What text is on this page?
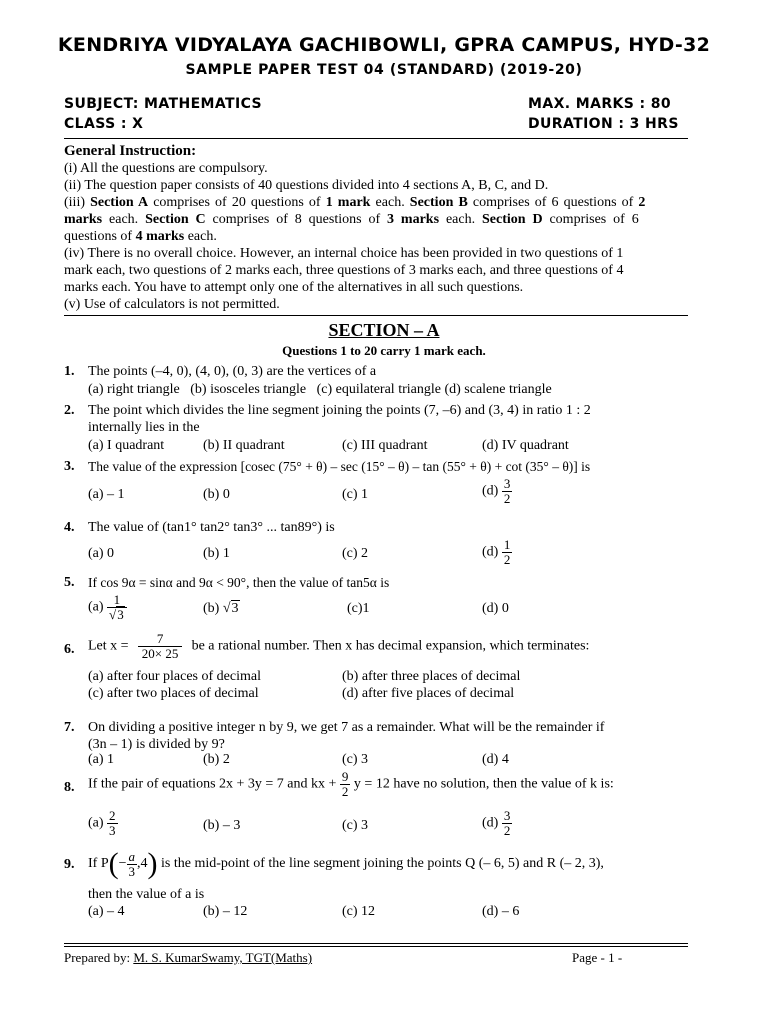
KENDRIYA VIDYALAYA GACHIBOWLI, GPRA CAMPUS, HYD-32
SAMPLE PAPER TEST 04 (STANDARD) (2019-20)
SUBJECT: MATHEMATICS	MAX. MARKS : 80
CLASS : X	DURATION : 3 HRS
General Instruction:
(i) All the questions are compulsory.
(ii) The question paper consists of 40 questions divided into 4 sections A, B, C, and D.
(iii) Section A comprises of 20 questions of 1 mark each. Section B comprises of 6 questions of 2
marks each. Section C comprises of 8 questions of 3 marks each. Section D comprises of 6
questions of 4 marks each.
(iv) There is no overall choice. However, an internal choice has been provided in two questions of 1
mark each, two questions of 2 marks each, three questions of 3 marks each, and three questions of 4
marks each. You have to attempt only one of the alternatives in all such questions.
(v) Use of calculators is not permitted.
SECTION – A
Questions 1 to 20 carry 1 mark each.
1. The points (–4, 0), (4, 0), (0, 3) are the vertices of a
(a) right triangle   (b) isosceles triangle   (c) equilateral triangle (d) scalene triangle
2. The point which divides the line segment joining the points (7, –6) and (3, 4) in ratio 1 : 2
internally lies in the
(a) I quadrant	(b) II quadrant	(c) III quadrant	(d) IV quadrant
3. The value of the expression [cosec (75° + θ) – sec (15° – θ) – tan (55° + θ) + cot (35° – θ)] is
(a) – 1	(b) 0	(c) 1	$(d) \frac{3}{2}$
4. The value of (tan1° tan2° tan3° ... tan89°) is
(a) 0	(b) 1	(c) 2	$(d) \frac{1}{2}$
5. If cos 9α = sinα and 9α < 90°, then the value of tan5α is
$(a) \frac{1}{√3}$	(b) √3	(c)1	(d) 0
6. Let $x = \frac{7}{20\times 25}$ be a rational number. Then x has decimal expansion, which terminates:
(a) after four places of decimal	(b) after three places of decimal
(c) after two places of decimal	(d) after five places of decimal
7. On dividing a positive integer n by 9, we get 7 as a remainder. What will be the remainder if
(3n – 1) is divided by 9?
(a) 1	(b) 2	(c) 3	(d) 4
8. If the pair of equations 2x + 3y = 7 and kx + $\frac{9}{2}$ y = 12 have no solution, then the value of k is:
$(a) \frac{2}{3}$	(b) – 3	(c) 3	$(d) \frac{3}{2}$
9. If $P(- \frac{a}{3} ,4)$ is the mid-point of the line segment joining the points Q (– 6, 5) and R (– 2, 3),
then the value of a is
(a) – 4	(b) – 12	(c) 12	(d) – 6
Prepared by: M. S. KumarSwamy, TGT(Maths)	Page - 1 -
